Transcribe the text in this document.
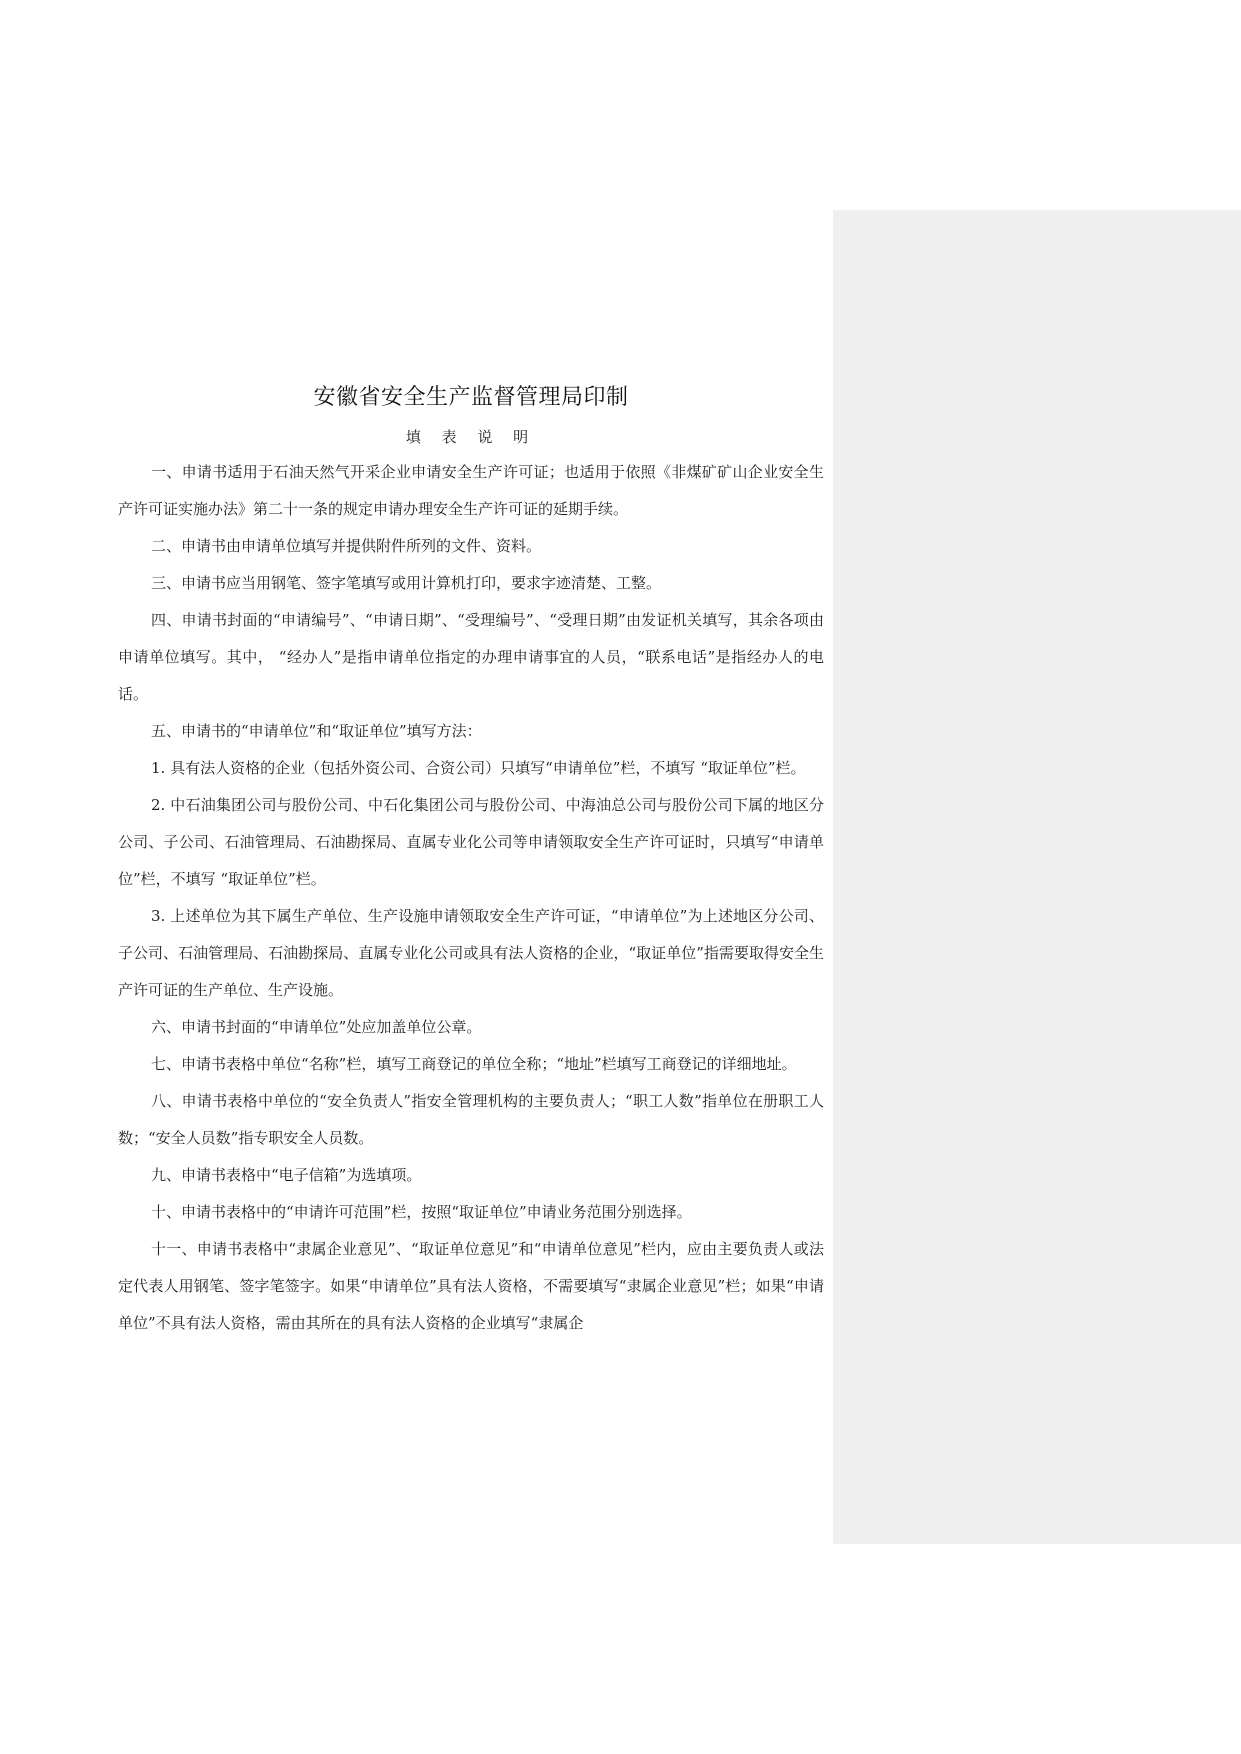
安徽省安全生产监督管理局印制
填 表 说 明

一、申请书适用于石油天然气开采企业申请安全生产许可证；也适用于依照《非煤矿矿山企业安全生产许可证实施办法》第二十一条的规定申请办理安全生产许可证的延期手续。

二、申请书由申请单位填写并提供附件所列的文件、资料。

三、申请书应当用钢笔、签字笔填写或用计算机打印，要求字迹清楚、工整。

四、申请书封面的“申请编号”、“申请日期”、“受理编号”、“受理日期”由发证机关填写，其余各项由申请单位填写。其中， “经办人”是指申请单位指定的办理申请事宜的人员，“联系电话”是指经办人的电话。

五、申请书的“申请单位”和“取证单位”填写方法：

1. 具有法人资格的企业（包括外资公司、合资公司）只填写“申请单位”栏，不填写 “取证单位”栏。

2. 中石油集团公司与股份公司、中石化集团公司与股份公司、中海油总公司与股份公司下属的地区分公司、子公司、石油管理局、石油勘探局、直属专业化公司等申请领取安全生产许可证时，只填写“申请单位”栏，不填写 “取证单位”栏。

3. 上述单位为其下属生产单位、生产设施申请领取安全生产许可证，“申请单位”为上述地区分公司、子公司、石油管理局、石油勘探局、直属专业化公司或具有法人资格的企业，“取证单位”指需要取得安全生产许可证的生产单位、生产设施。

六、申请书封面的“申请单位”处应加盖单位公章。

七、申请书表格中单位“名称”栏，填写工商登记的单位全称；“地址”栏填写工商登记的详细地址。

八、申请书表格中单位的“安全负责人”指安全管理机构的主要负责人；“职工人数”指单位在册职工人数；“安全人员数”指专职安全人员数。

九、申请书表格中“电子信箱”为选填项。

十、申请书表格中的“申请许可范围”栏，按照“取证单位”申请业务范围分别选择。

十一、申请书表格中“隶属企业意见”、“取证单位意见”和“申请单位意见”栏内，应由主要负责人或法定代表人用钢笔、签字笔签字。如果“申请单位”具有法人资格，不需要填写“隶属企业意见”栏；如果“申请单位”不具有法人资格，需由其所在的具有法人资格的企业填写“隶属企
